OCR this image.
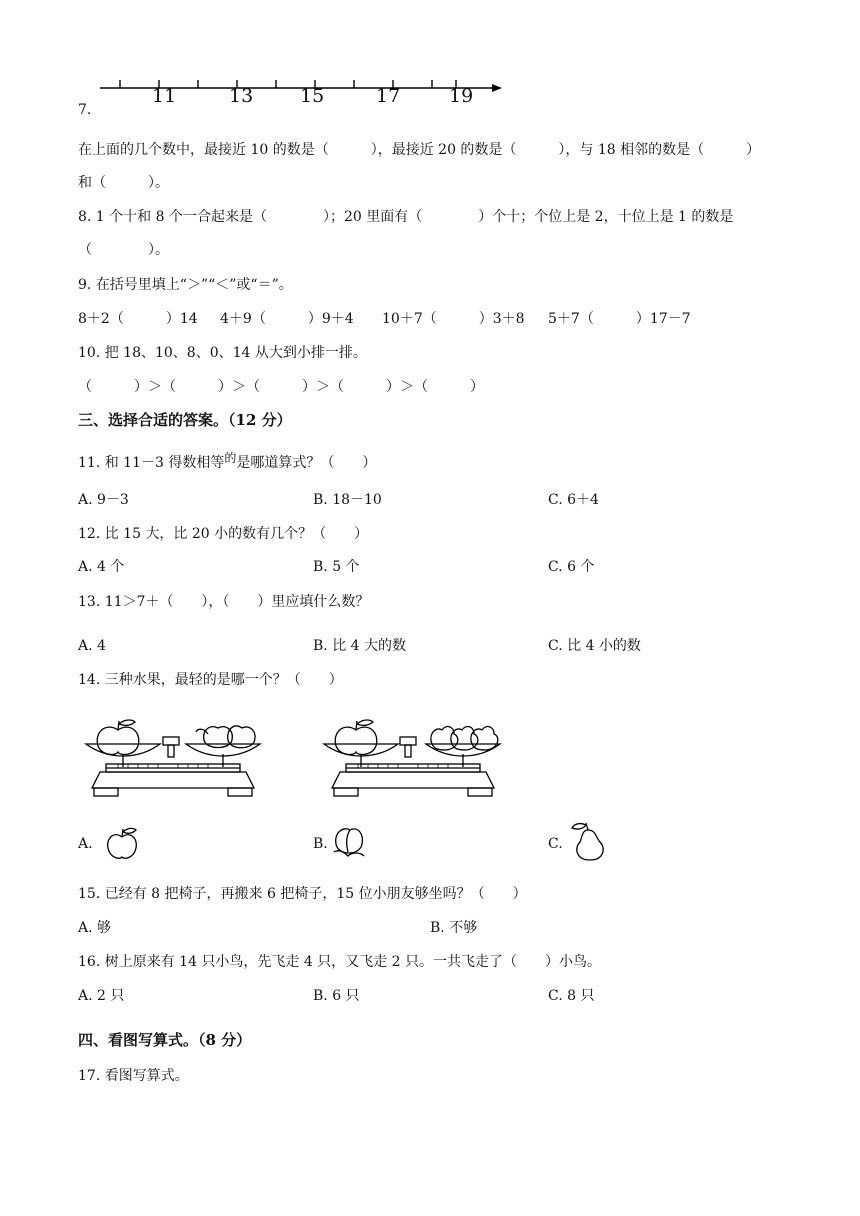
11	13 15	17	19
7.
在上面的几个数中，最接近 10 的数是（　　　），最接近 20 的数是（　　　），与 18 相邻的数是（　　　）
和（　　　）。
8. 1 个十和 8 个一合起来是（　　　　）；20 里面有（　　　　）个十；个位上是 2，十位上是 1 的数是
（　　　　）。
9. 在括号里填上“＞”“＜”或“＝”。
8＋2（　　　）14 4＋9（　　　）9＋4 10＋7（　　　）3＋8 5＋7（　　　）17－7
10. 把 18、10、8、0、14 从大到小排一排。
（　　　）＞（　　　）＞（　　　）＞（　　　）＞（　　　）
三、选择合适的答案。（12 分）
11. 和 11－3 得数相等的是哪道算式？（　　）
A. 9－3	B. 18－10	C. 6＋4
12. 比 15 大，比 20 小的数有几个？（　　）
A. 4 个	B. 5 个	C. 6 个
13. 11＞7＋（　　），（　　）里应填什么数？
A. 4	B. 比 4 大的数	C. 比 4 小的数
14. 三种水果，最轻的是哪一个？（　　）
A.	B.	C.
15. 已经有 8 把椅子，再搬来 6 把椅子，15 位小朋友够坐吗？（　　）
A. 够	B. 不够
16. 树上原来有 14 只小鸟，先飞走 4 只，又飞走 2 只。一共飞走了（　　）小鸟。
A. 2 只	B. 6 只	C. 8 只
四、看图写算式。（8 分）
17. 看图写算式。
